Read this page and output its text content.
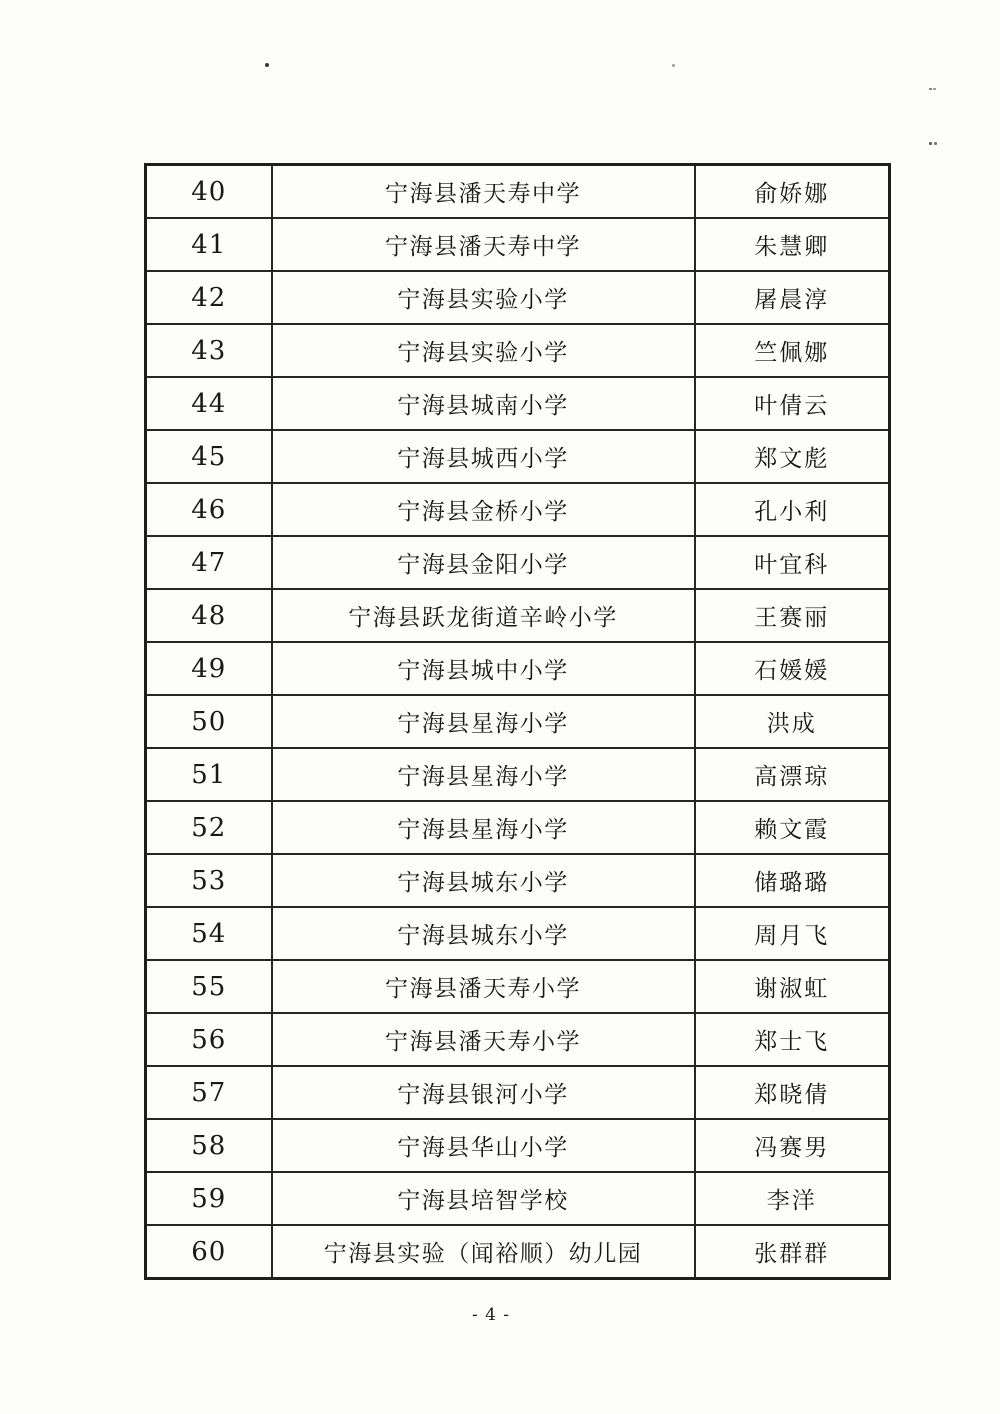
40	宁海县潘天寿中学	俞娇娜
41	宁海县潘天寿中学	朱慧卿
42	宁海县实验小学	屠晨淳
43	宁海县实验小学	竺佩娜
44	宁海县城南小学	叶倩云
45	宁海县城西小学	郑文彪
46	宁海县金桥小学	孔小利
47	宁海县金阳小学	叶宜科
48	宁海县跃龙街道辛岭小学	王赛丽
49	宁海县城中小学	石媛媛
50	宁海县星海小学	洪成
51	宁海县星海小学	高漂琼
52	宁海县星海小学	赖文霞
53	宁海县城东小学	储璐璐
54	宁海县城东小学	周月飞
55	宁海县潘天寿小学	谢淑虹
56	宁海县潘天寿小学	郑士飞
57	宁海县银河小学	郑晓倩
58	宁海县华山小学	冯赛男
59	宁海县培智学校	李洋
60	宁海县实验（闻裕顺）幼儿园	张群群
- 4 -
